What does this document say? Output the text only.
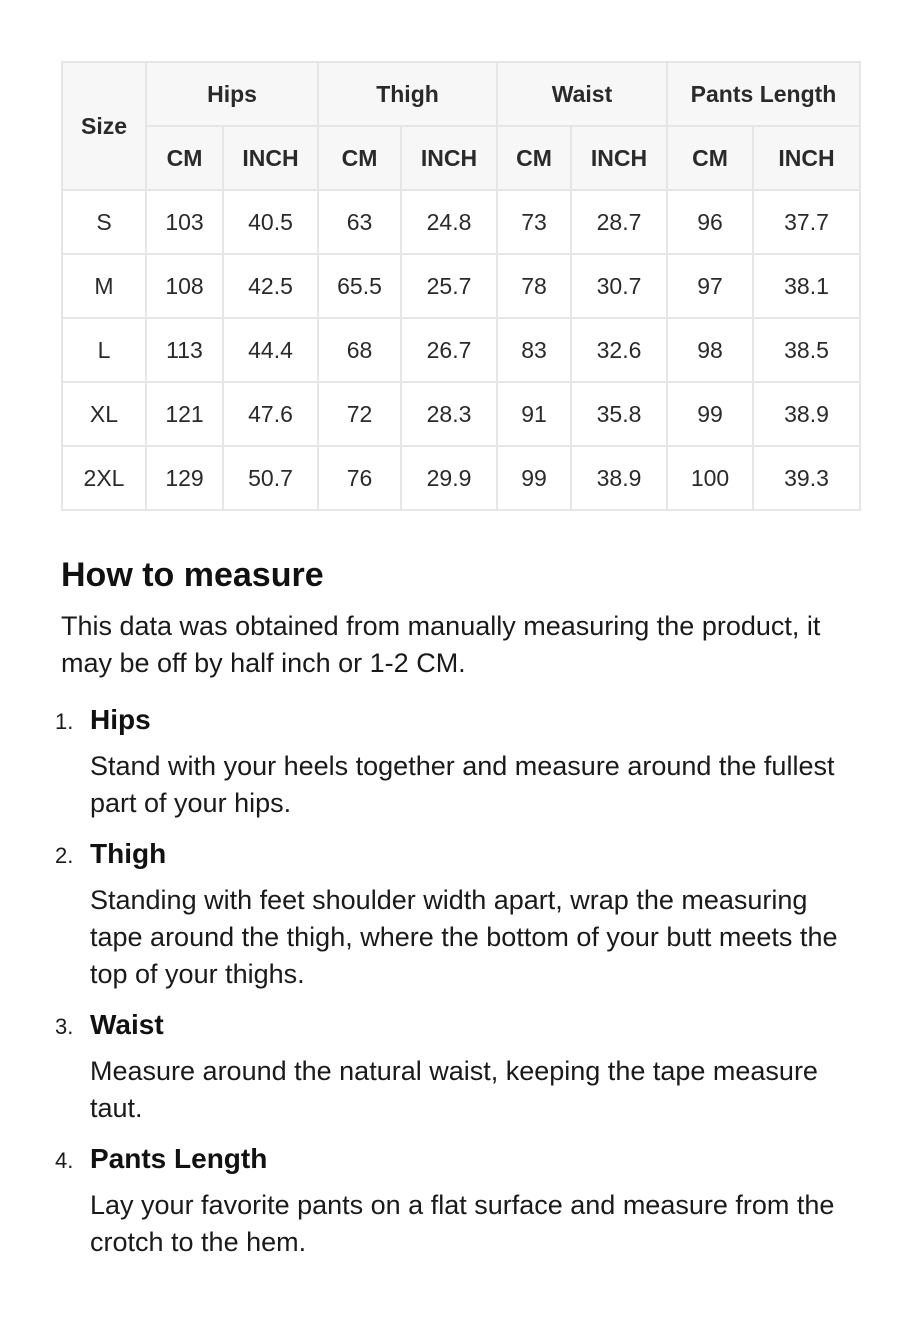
Size	Hips		Thigh		Waist		Pants Length	
	CM	INCH	CM	INCH	CM	INCH	CM	INCH
S	103	40.5	63	24.8	73	28.7	96	37.7
M	108	42.5	65.5	25.7	78	30.7	97	38.1
L	113	44.4	68	26.7	83	32.6	98	38.5
XL	121	47.6	72	28.3	91	35.8	99	38.9
2XL	129	50.7	76	29.9	99	38.9	100	39.3
How to measure

This data was obtained from manually measuring the product, it may be off by half inch or 1-2 CM.

1. Hips
Stand with your heels together and measure around the fullest part of your hips.
2. Thigh
Standing with feet shoulder width apart, wrap the measuring tape around the thigh, where the bottom of your butt meets the top of your thighs.
3. Waist
Measure around the natural waist, keeping the tape measure taut.
4. Pants Length
Lay your favorite pants on a flat surface and measure from the crotch to the hem.
